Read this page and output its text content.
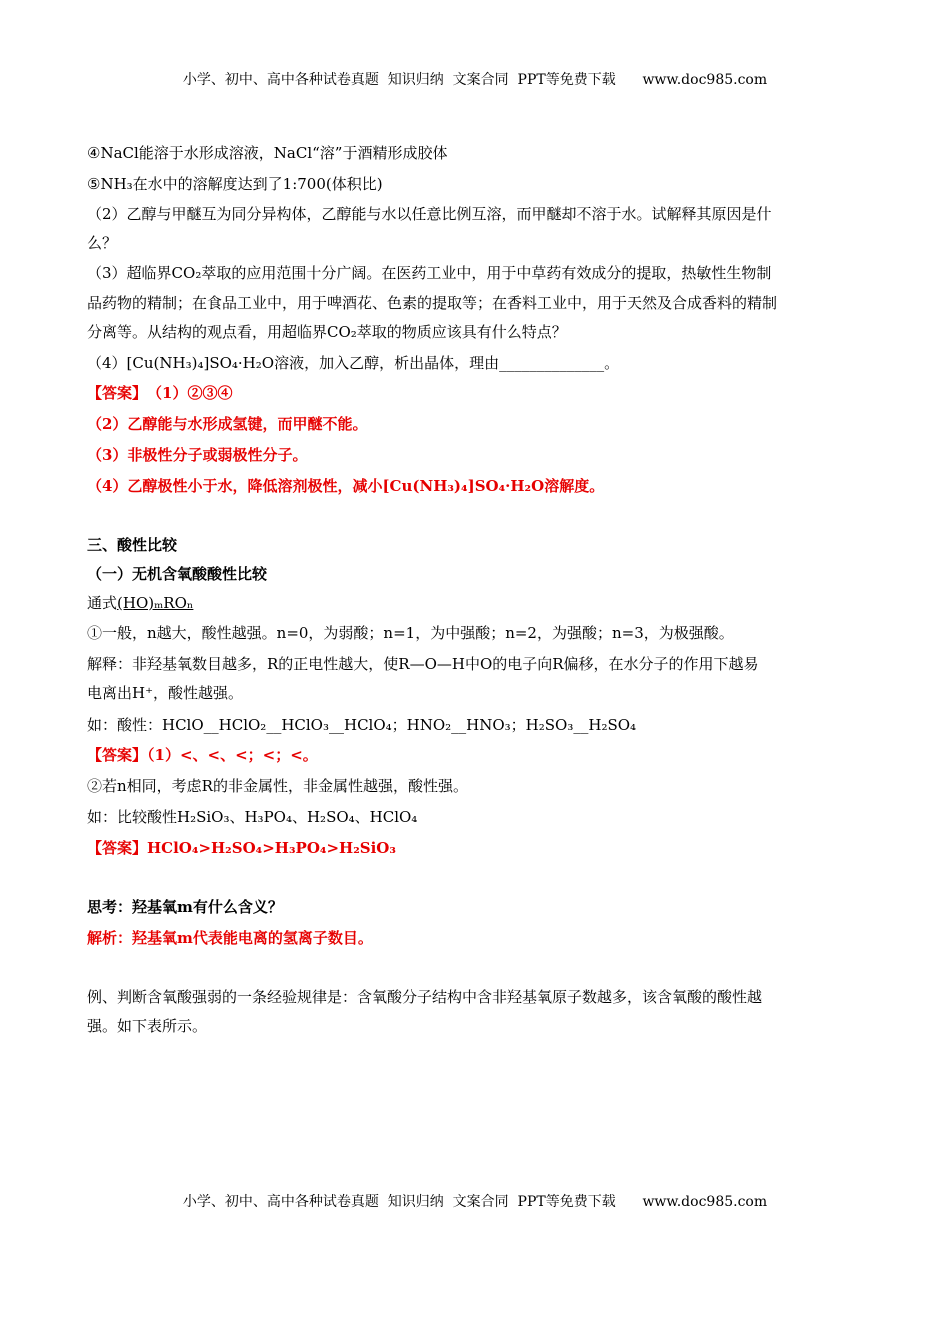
小学、初中、高中各种试卷真题  知识归纳  文案合同  PPT等免费下载      www.doc985.com
④NaCl能溶于水形成溶液，NaCl“溶”于酒精形成胶体
⑤NH₃在水中的溶解度达到了1:700(体积比)
（2）乙醇与甲醚互为同分异构体，乙醇能与水以任意比例互溶，而甲醚却不溶于水。试解释其原因是什
么？
（3）超临界CO₂萃取的应用范围十分广阔。在医药工业中，用于中草药有效成分的提取，热敏性生物制
品药物的精制；在食品工业中，用于啤酒花、色素的提取等；在香料工业中，用于天然及合成香料的精制
分离等。从结构的观点看，用超临界CO₂萃取的物质应该具有什么特点？
（4）[Cu(NH₃)₄]SO₄·H₂O溶液，加入乙醇，析出晶体，理由______________。
【答案】　（1）②③④
（2）乙醇能与水形成氢键，而甲醚不能。
（3）非极性分子或弱极性分子。
（4）乙醇极性小于水，降低溶剂极性，减小[Cu(NH₃)₄]SO₄·H₂O溶解度。
三、酸性比较
（一）无机含氧酸酸性比较
通式(HO)ₘROₙ
①一般，n越大，酸性越强。n=0，为弱酸；n=1，为中强酸；n=2，为强酸；n=3，为极强酸。
解释：非羟基氧数目越多，R的正电性越大，使R—O—H中O的电子向R偏移，在水分子的作用下越易
电离出H⁺，酸性越强。
如：酸性：HClO__HClO₂__HClO₃__HClO₄；HNO₂__HNO₃；H₂SO₃__H₂SO₄
【答案】（1）<、<、<；<；<。
②若n相同，考虑R的非金属性，非金属性越强，酸性强。
如：比较酸性H₂SiO₃、H₃PO₄、H₂SO₄、HClO₄
【答案】HClO₄>H₂SO₄>H₃PO₄>H₂SiO₃
思考：羟基氧m有什么含义？
解析：羟基氧m代表能电离的氢离子数目。
例、判断含氧酸强弱的一条经验规律是：含氧酸分子结构中含非羟基氧原子数越多，该含氧酸的酸性越
强。如下表所示。
小学、初中、高中各种试卷真题  知识归纳  文案合同  PPT等免费下载      www.doc985.com
